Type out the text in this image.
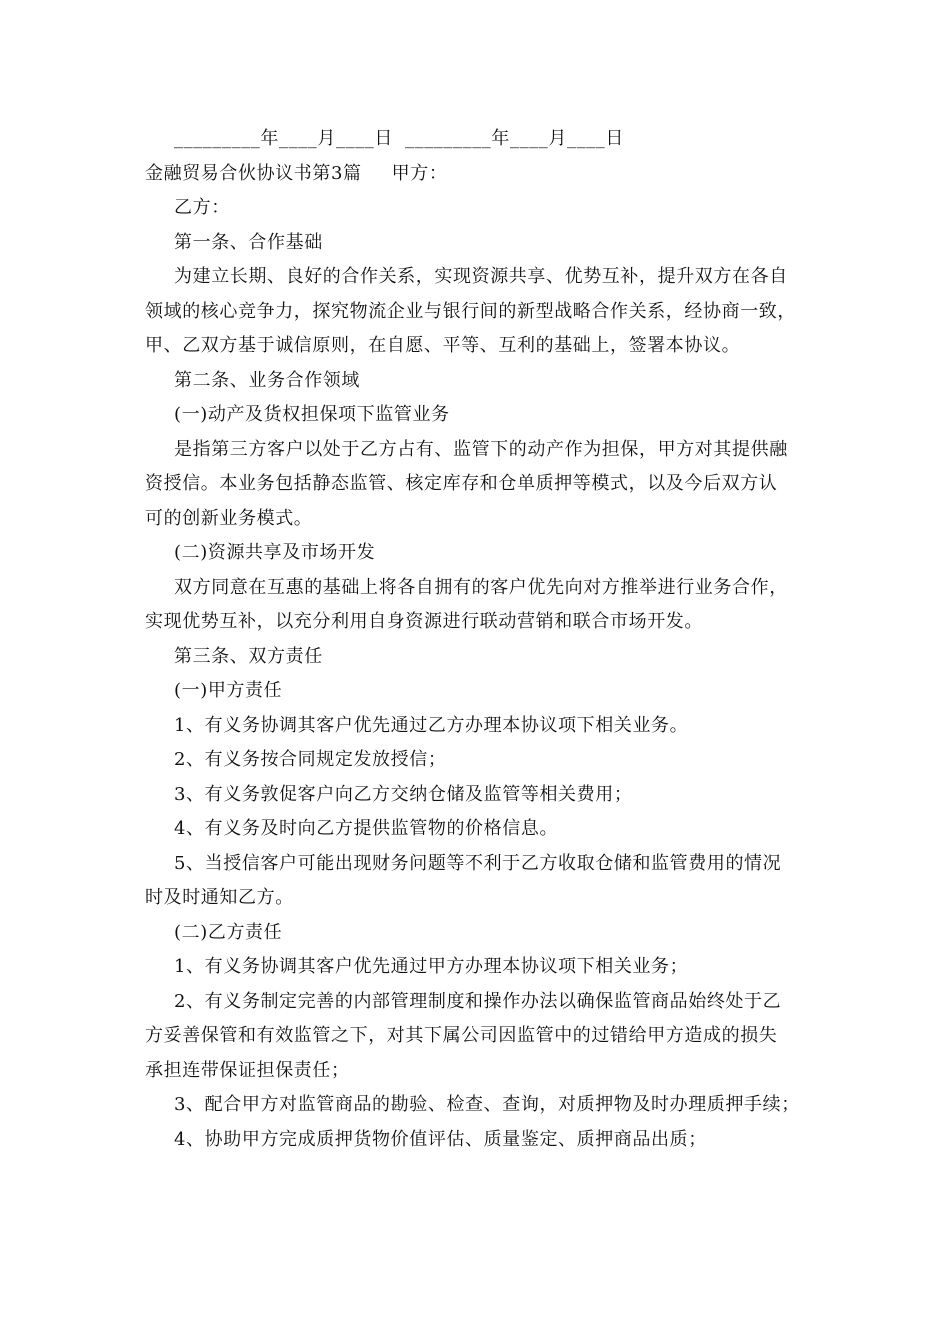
_________年____月____日 _________年____月____日
金融贸易合伙协议书第3篇 甲方：
乙方：
第一条、合作基础
为建立长期、良好的合作关系，实现资源共享、优势互补，提升双方在各自
领域的核心竞争力，探究物流企业与银行间的新型战略合作关系，经协商一致，
甲、乙双方基于诚信原则，在自愿、平等、互利的基础上，签署本协议。
第二条、业务合作领域
(一)动产及货权担保项下监管业务
是指第三方客户以处于乙方占有、监管下的动产作为担保，甲方对其提供融
资授信。本业务包括静态监管、核定库存和仓单质押等模式，以及今后双方认
可的创新业务模式。
(二)资源共享及市场开发
双方同意在互惠的基础上将各自拥有的客户优先向对方推举进行业务合作，
实现优势互补，以充分利用自身资源进行联动营销和联合市场开发。
第三条、双方责任
(一)甲方责任
1、有义务协调其客户优先通过乙方办理本协议项下相关业务。
2、有义务按合同规定发放授信；
3、有义务敦促客户向乙方交纳仓储及监管等相关费用；
4、有义务及时向乙方提供监管物的价格信息。
5、当授信客户可能出现财务问题等不利于乙方收取仓储和监管费用的情况
时及时通知乙方。
(二)乙方责任
1、有义务协调其客户优先通过甲方办理本协议项下相关业务；
2、有义务制定完善的内部管理制度和操作办法以确保监管商品始终处于乙
方妥善保管和有效监管之下，对其下属公司因监管中的过错给甲方造成的损失
承担连带保证担保责任；
3、配合甲方对监管商品的勘验、检查、查询，对质押物及时办理质押手续；
4、协助甲方完成质押货物价值评估、质量鉴定、质押商品出质；
